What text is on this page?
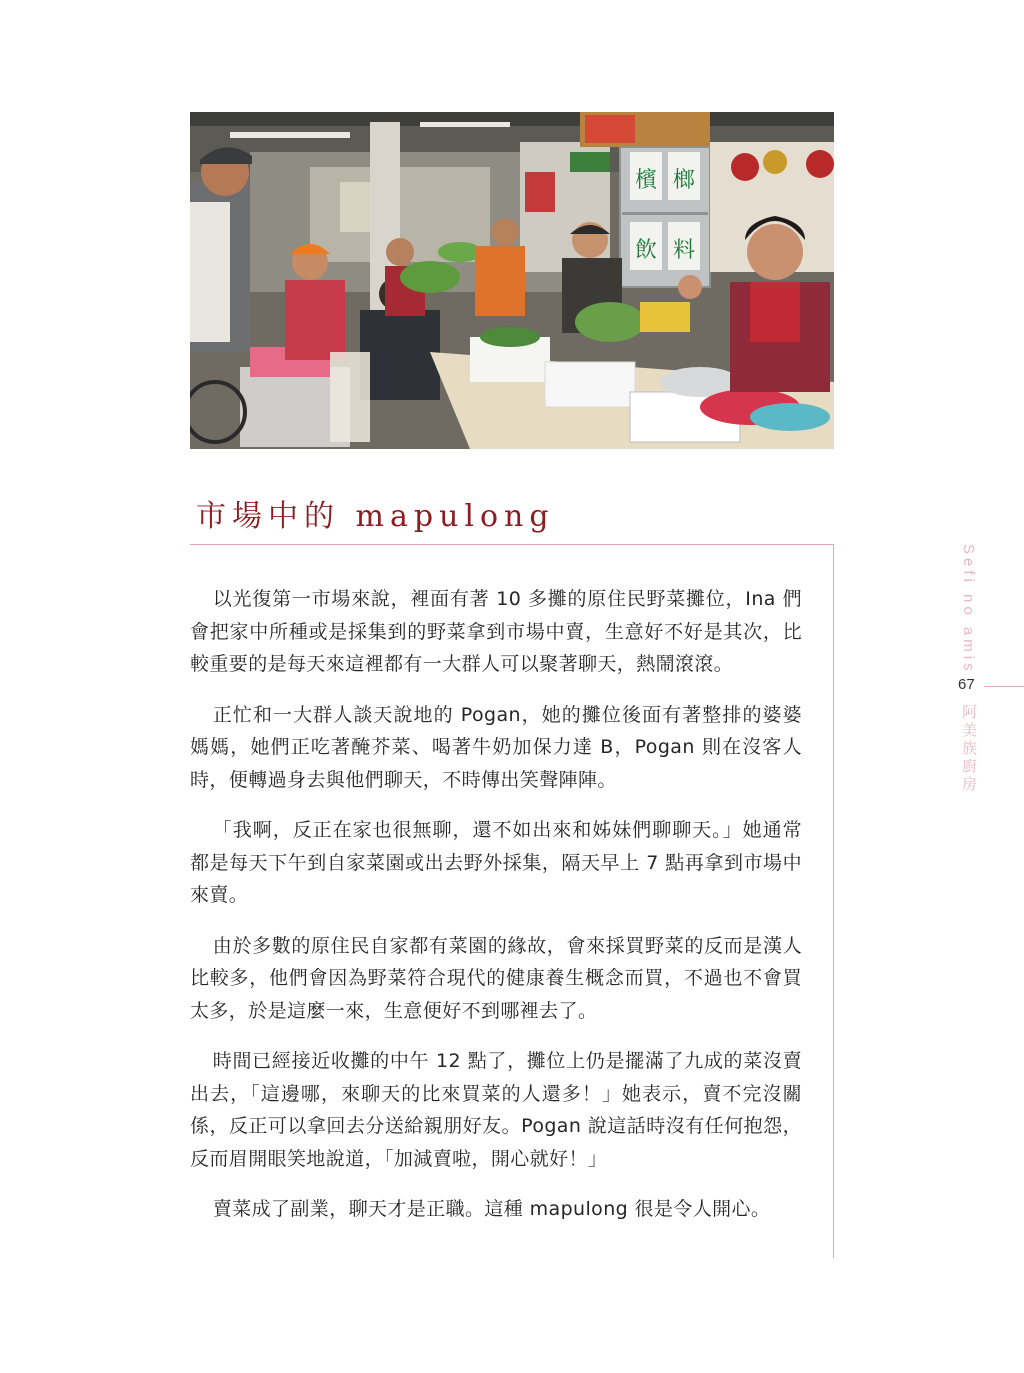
檳 榔
飲 料
市場中的 mapulong

以光復第一市場來說，裡面有著 10 多攤的原住民野菜攤位，Ina 們會把家中所種或是採集到的野菜拿到市場中賣，生意好不好是其次，比較重要的是每天來這裡都有一大群人可以聚著聊天，熱鬧滾滾。

正忙和一大群人談天說地的 Pogan，她的攤位後面有著整排的婆婆媽媽，她們正吃著醃芥菜、喝著牛奶加保力達 B，Pogan 則在沒客人時，便轉過身去與他們聊天，不時傳出笑聲陣陣。

「我啊，反正在家也很無聊，還不如出來和姊妹們聊聊天。」她通常都是每天下午到自家菜園或出去野外採集，隔天早上 7 點再拿到市場中來賣。

由於多數的原住民自家都有菜園的緣故，會來採買野菜的反而是漢人比較多，他們會因為野菜符合現代的健康養生概念而買，不過也不會買太多，於是這麼一來，生意便好不到哪裡去了。

時間已經接近收攤的中午 12 點了，攤位上仍是擺滿了九成的菜沒賣出去，「這邊哪，來聊天的比來買菜的人還多！」她表示，賣不完沒關係，反正可以拿回去分送給親朋好友。Pogan 說這話時沒有任何抱怨，反而眉開眼笑地說道，「加減賣啦，開心就好！」

賣菜成了副業，聊天才是正職。這種 mapulong 很是令人開心。

Sefi no amis
67
阿美族廚房
